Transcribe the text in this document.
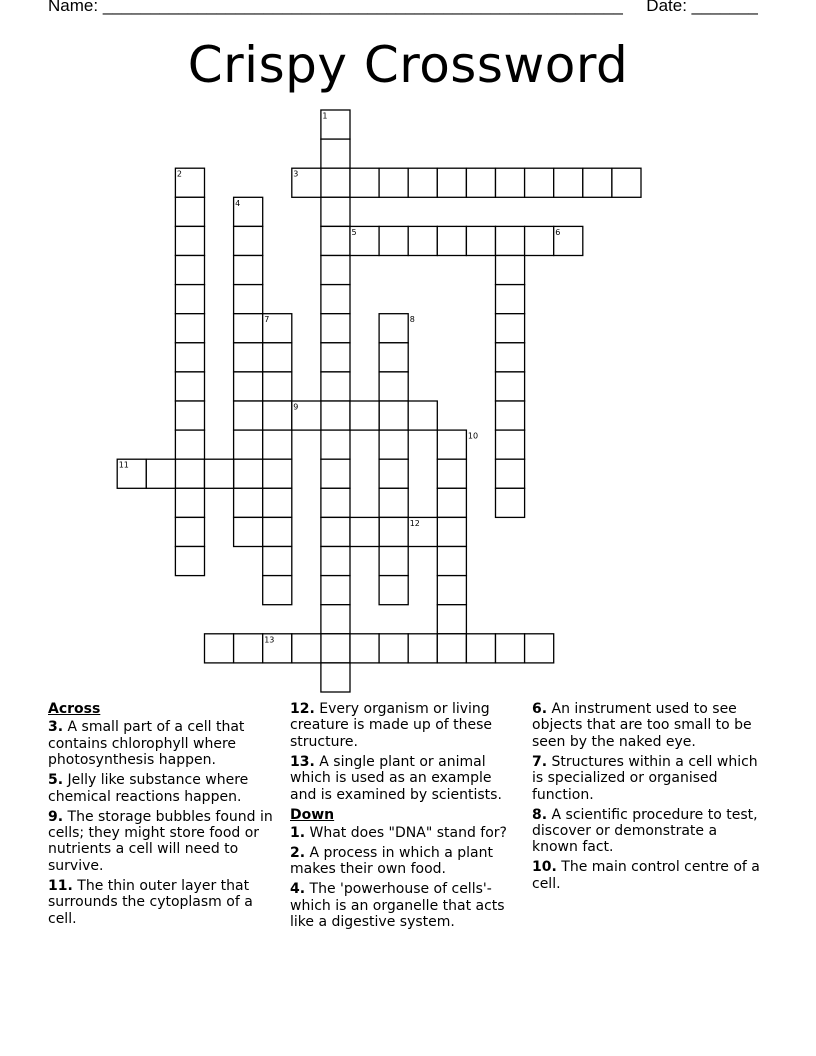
Name: _______________________________________________________ Date: _______
Crispy Crossword
1
2	3
4
5	6
7	8
9
10
11
12
13
Across
3. A small part of a cell that contains chlorophyll where photosynthesis happen.
5. Jelly like substance where chemical reactions happen.
9. The storage bubbles found in cells; they might store food or nutrients a cell will need to survive.
11. The thin outer layer that surrounds the cytoplasm of a cell.
12. Every organism or living creature is made up of these structure.
13. A single plant or animal which is used as an example and is examined by scientists.
Down
1. What does "DNA" stand for?
2. A process in which a plant makes their own food.
4. The 'powerhouse of cells'- which is an organelle that acts like a digestive system.
6. An instrument used to see objects that are too small to be seen by the naked eye.
7. Structures within a cell which is specialized or organised function.
8. A scientific procedure to test, discover or demonstrate a known fact.
10. The main control centre of a cell.
